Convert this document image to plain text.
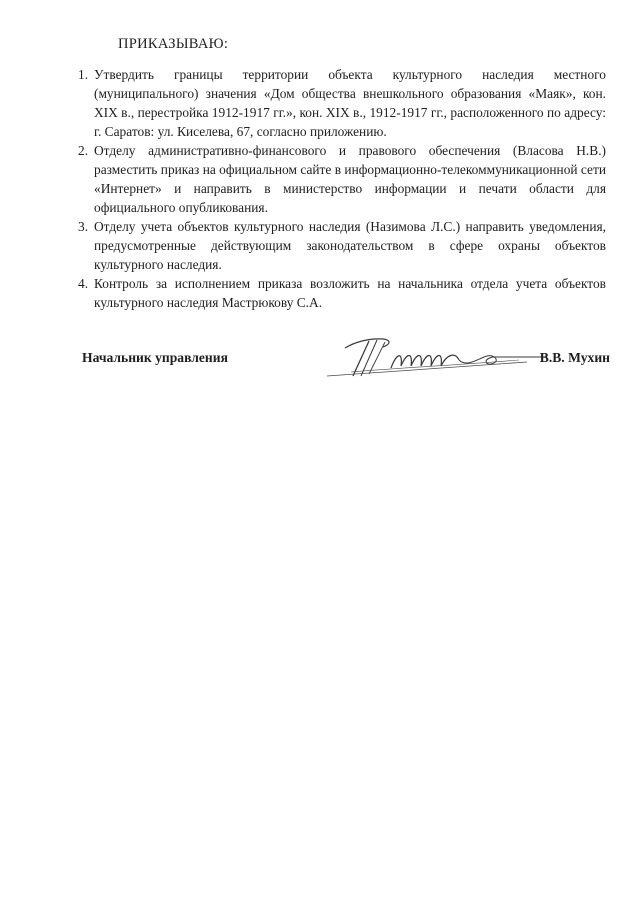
ПРИКАЗЫВАЮ:
1. Утвердить границы территории объекта культурного наследия местного (муниципального) значения «Дом общества внешкольного образования «Маяк», кон. XIX в., перестройка 1912-1917 гг.», кон. XIX в., 1912-1917 гг., расположенного по адресу: г. Саратов: ул. Киселева, 67, согласно приложению.
2. Отделу административно-финансового и правового обеспечения (Власова Н.В.) разместить приказ на официальном сайте в информационно-телекоммуникационной сети «Интернет» и направить в министерство информации и печати области для официального опубликования.
3. Отделу учета объектов культурного наследия (Назимова Л.С.) направить уведомления, предусмотренные действующим законодательством в сфере охраны объектов культурного наследия.
4. Контроль за исполнением приказа возложить на начальника отдела учета объектов культурного наследия Мастрюкову С.А.
Начальник управления	В.В. Мухин
